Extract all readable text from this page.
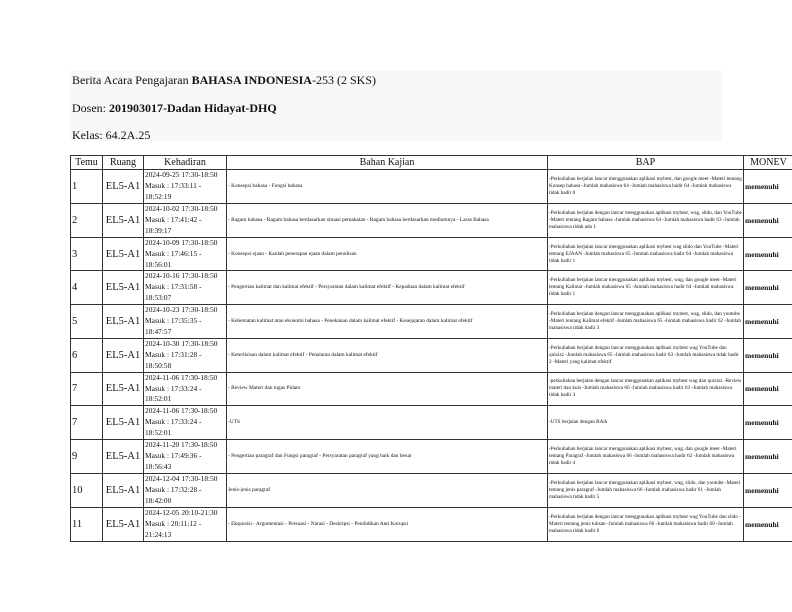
Berita Acara Pengajaran BAHASA INDONESIA-253 (2 SKS)
Dosen: 201903017-Dadan Hidayat-DHQ
Kelas: 64.2A.25
Temu	Ruang	Kehadiran	Bahan Kajian	BAP	MONEV
1	EL5-A1	2024-09-25 17:30-18:50
Masuk : 17:33:11 -
18:52:19	- Konsepsi bahasa - Fungsi bahasa	-Perkuliahan berjalan lancar menggunakan aplikasi mybest, dan google meet -Materi tentang Konsep bahasa -Jumlah mahasiswa 64 -Jumlah mahasiswa hadir 64 -Jumlah mahasiswa tidak hadir 0	memenuhi
2	EL5-A1	2024-10-02 17:30-18:50
Masuk : 17:41:42 -
18:39:17	- Ragam bahasa - Ragam bahasa berdasarkan situasi pemakaian - Ragam bahasa berdasarkan mediumnya - Laras Bahasa	-Perkuliahan berjalan dengan lancar menggunakan aplikasi mybest, wag, slido, dan YouTube -Materi tentang Ragam bahasa -Jumlah mahasiswa 64 -Jumlah mahasiswa hadir 63 -Jumlah mahasiswa tidak ada 1	memenuhi
3	EL5-A1	2024-10-09 17:30-18:50
Masuk : 17:46:15 -
18:56:01	- Konsepsi ejaan - Kaidah penerapan ejaan dalam penulisan	-Perkuliahan berjalan lancar menggunakan aplikasi mybest wag slido dan YouTube -Materi tentang EJAAN -Jumlah mahasiswa 65 -Jumlah mahasiswa hadir 64 -Jumlah mahasiswa tidak hadir 1	memenuhi
4	EL5-A1	2024-10-16 17:30-18:50
Masuk : 17:31:58 -
18:53:07	- Pengertian kalimat dan kalimat efektif - Persyaratan dalam kalimat efektif - Kepaduan dalam kalimat efektif	-Perkuliahan berjalan lancar menggunakan aplikasi mybest, wag, dan google meet -Materi tentang Kalimat -Jumlah mahasiswa 65 -Jumlah mahasiswa hadir 64 -Jumlah mahasiswa tidak hadir 1	memenuhi
5	EL5-A1	2024-10-23 17:30-18:50
Masuk : 17:35:35 -
18:47:57	- Kehematan kalimat atau ekonomi bahasa - Penekanan dalam kalimat efektif - Kesejajaran dalam kalimat efektif	-Perkuliahan berjalan dengan lancar menggunakan aplikasi mybest, wag, slido, dan youtube -Materi tentang Kalimat efektif -Jumlah mahasiswa 65 -Jumlah mahasiswa hadir 62 -Jumlah mahasiswa tidak hadir 3	memenuhi
6	EL5-A1	2024-10-30 17:30-18:50
Masuk : 17:31:28 -
18:50:58	- Keterlisisan dalam kalimat efektif - Penalaran dalam kalimat efektif	-Perkuliahan berjalan dengan lancar menggunakan aplikasi mybest wag YouTube dan quizizz -Jumlah mahasiswa 65 -Jumlah mahasiswa hadir 63 -Jumlah mahasiswa tidak hadir 2 -Materi yang kalimat efektif	memenuhi
7	EL5-A1	2024-11-06 17:30-18:50
Masuk : 17:33:24 -
18:52:01	- Review Materi dan tugas Pidato	-perkuliahan berjalan dengan lancar menggunakan aplikasi mybest wag dan quizizz -Review materi dan kuis -Jumlah mahasiswa 66 -Jumlah mahasiswa hadir 63 -Jumlah mahasiswa tidak hadir 3	memenuhi
7	EL5-A1	2024-11-06 17:30-18:50
Masuk : 17:33:24 -
18:52:01	-UTS	-UTS berjalan dengan BAik	memenuhi
9	EL5-A1	2024-11-20 17:30-18:50
Masuk : 17:49:36 -
18:56:43	- Pengertian paragraf dan Fungsi paragraf - Persyaratan paragraf yang baik dan benar	-Perkuliahan berjalan lancar menggunakan aplikasi mybest, wag, dan google meet -Materi tentang Paragraf -Jumlah mahasiswa 66 -Jumlah mahasiswa hadir 62 -Jumlah mahasiswa tidak hadir 4	memenuhi
10	EL5-A1	2024-12-04 17:30-18:50
Masuk : 17:32:28 -
18:42:00	Jenis-jenis paragraf	-Perkuliahan berjalan lancar menggunakan aplikasi mybest, wag, slido, dan youtube -Materi tentang jenis paragraf -Jumlah mahasiswa 66 -Jumlah mahasiswa hadir 61 -Jumlah mahasiswa tidak hadir 5	memenuhi
11	EL5-A1	2024-12-05 20:10-21:30
Masuk : 20:11:12 -
21:24:13	- Eksposisi - Argumentasi - Persuasi - Narasi - Deskripsi - Pendidikan Anti Korupsi	-Perkuliahan berjalan dengan lancar menggunakan aplikasi mybest wag YouTube dan slido -Materi tentang jenis tulisan -Jumlah mahasiswa 66 -Jumlah mahasiswa hadir 60 -Jumlah mahasiswa tidak hadir 6	memenuhi
